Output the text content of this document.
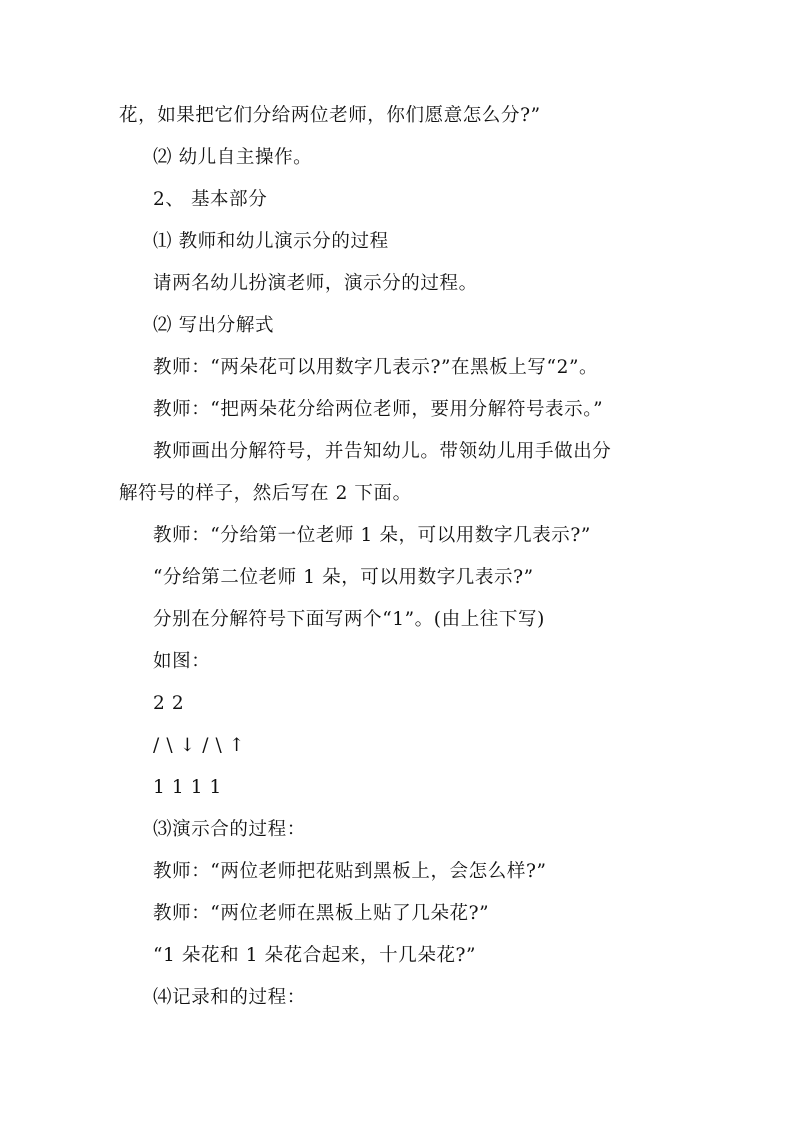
花，如果把它们分给两位老师，你们愿意怎么分?”
⑵ 幼儿自主操作。
2、 基本部分
⑴ 教师和幼儿演示分的过程
请两名幼儿扮演老师，演示分的过程。
⑵ 写出分解式
教师：“两朵花可以用数字几表示?”在黑板上写“2”。
教师：“把两朵花分给两位老师，要用分解符号表示。”
教师画出分解符号，并告知幼儿。带领幼儿用手做出分
解符号的样子，然后写在 2 下面。
教师：“分给第一位老师 1 朵，可以用数字几表示?”
“分给第二位老师 1 朵，可以用数字几表示?”
分别在分解符号下面写两个“1”。(由上往下写)
如图：
2 2
/ \ ↓ / \ ↑
1 1 1 1
⑶演示合的过程：
教师：“两位老师把花贴到黑板上，会怎么样?”
教师：“两位老师在黑板上贴了几朵花?”
“1 朵花和 1 朵花合起来，十几朵花?”
⑷记录和的过程：
